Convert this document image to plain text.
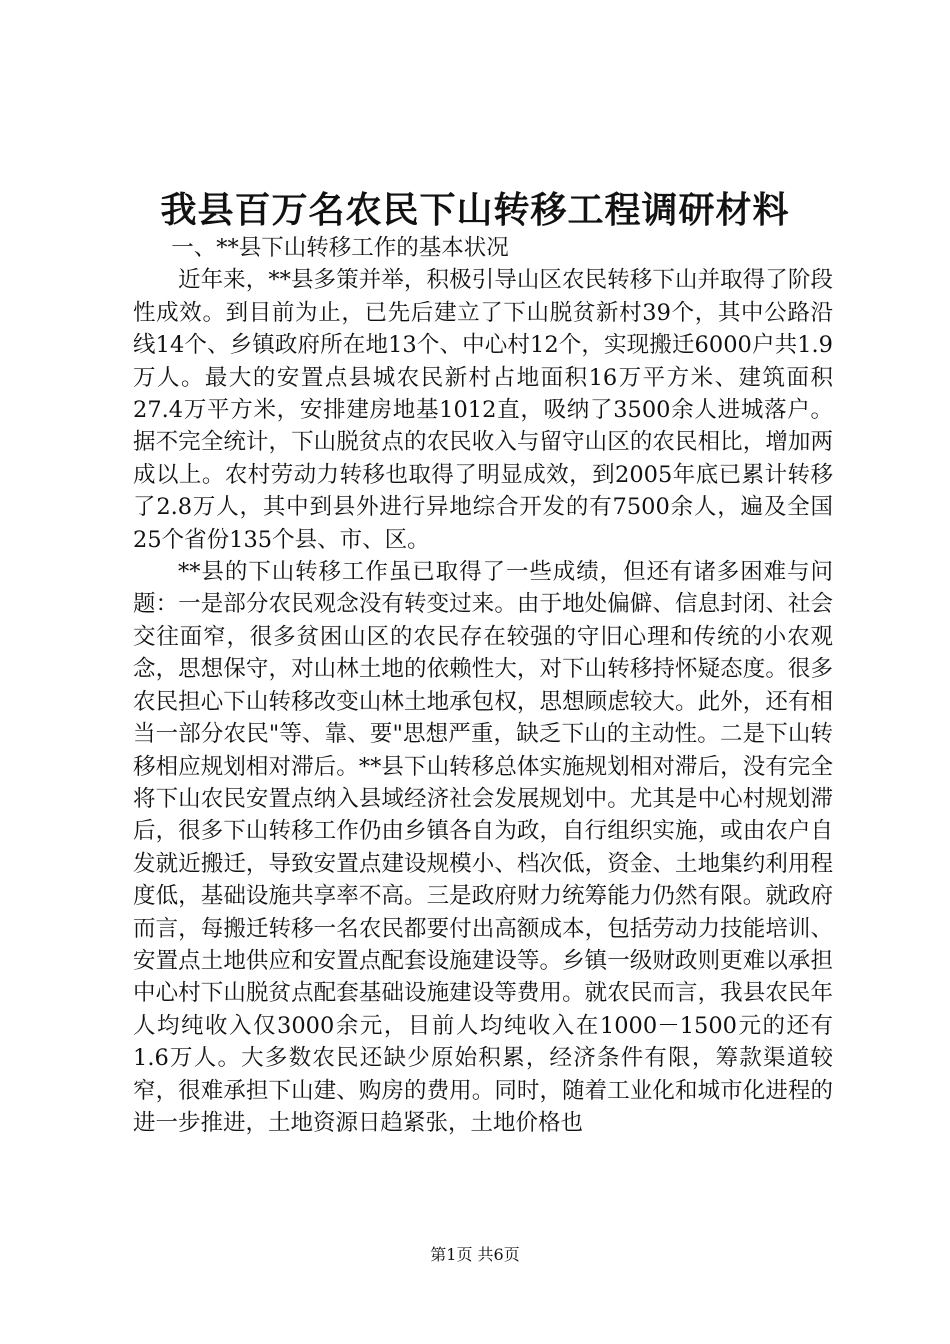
我县百万名农民下山转移工程调研材料

一、**县下山转移工作的基本状况

近年来，**县多策并举，积极引导山区农民转移下山并取得了阶段性成效。到目前为止，已先后建立了下山脱贫新村39个，其中公路沿线14个、乡镇政府所在地13个、中心村12个，实现搬迁6000户共1.9万人。最大的安置点县城农民新村占地面积16万平方米、建筑面积27.4万平方米，安排建房地基1012直，吸纳了3500余人进城落户。据不完全统计，下山脱贫点的农民收入与留守山区的农民相比，增加两成以上。农村劳动力转移也取得了明显成效，到2005年底已累计转移了2.8万人，其中到县外进行异地综合开发的有7500余人，遍及全国25个省份135个县、市、区。

**县的下山转移工作虽已取得了一些成绩，但还有诸多困难与问题：一是部分农民观念没有转变过来。由于地处偏僻、信息封闭、社会交往面窄，很多贫困山区的农民存在较强的守旧心理和传统的小农观念，思想保守，对山林土地的依赖性大，对下山转移持怀疑态度。很多农民担心下山转移改变山林土地承包权，思想顾虑较大。此外，还有相当一部分农民"等、靠、要"思想严重，缺乏下山的主动性。二是下山转移相应规划相对滞后。**县下山转移总体实施规划相对滞后，没有完全将下山农民安置点纳入县域经济社会发展规划中。尤其是中心村规划滞后，很多下山转移工作仍由乡镇各自为政，自行组织实施，或由农户自发就近搬迁，导致安置点建设规模小、档次低，资金、土地集约利用程度低，基础设施共享率不高。三是政府财力统筹能力仍然有限。就政府而言，每搬迁转移一名农民都要付出高额成本，包括劳动力技能培训、安置点土地供应和安置点配套设施建设等。乡镇一级财政则更难以承担中心村下山脱贫点配套基础设施建设等费用。就农民而言，我县农民年人均纯收入仅3000余元，目前人均纯收入在1000－1500元的还有1.6万人。大多数农民还缺少原始积累，经济条件有限，筹款渠道较窄，很难承担下山建、购房的费用。同时，随着工业化和城市化进程的进一步推进，土地资源日趋紧张，土地价格也

第1页 共6页
